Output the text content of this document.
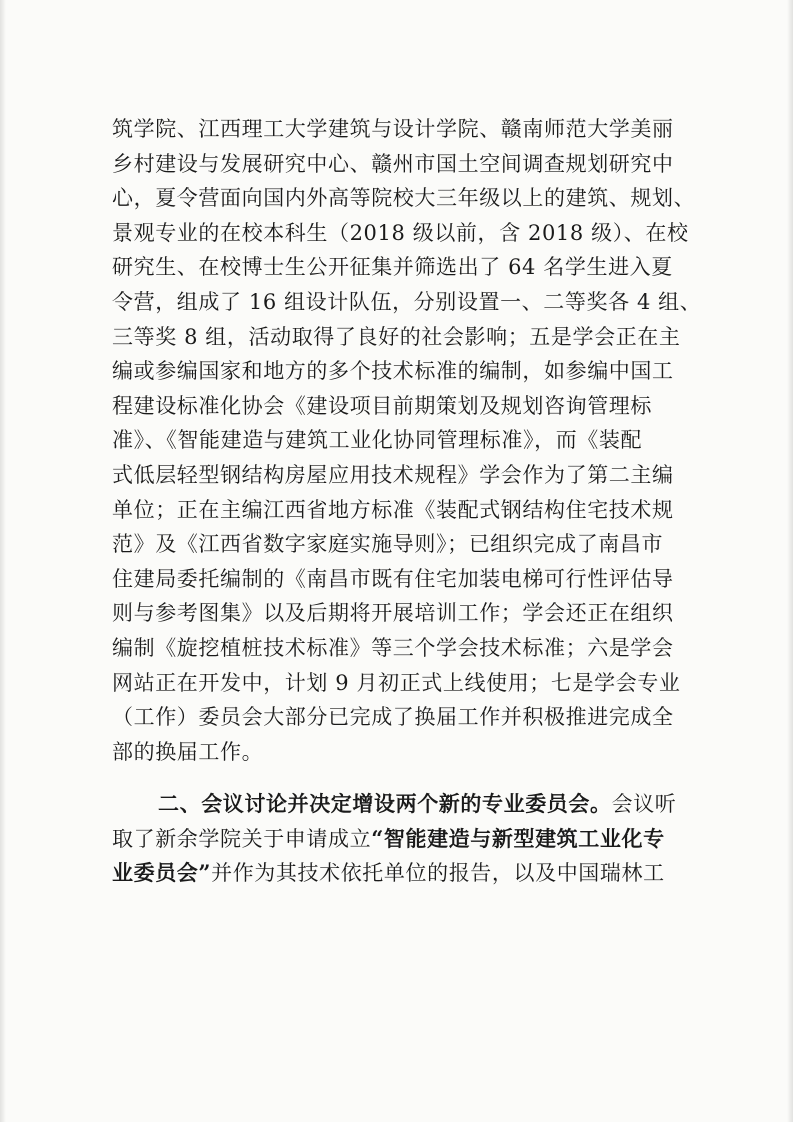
筑学院、江西理工大学建筑与设计学院、赣南师范大学美丽
乡村建设与发展研究中心、赣州市国土空间调查规划研究中
心，夏令营面向国内外高等院校大三年级以上的建筑、规划、
景观专业的在校本科生（2018 级以前，含 2018 级）、在校
研究生、在校博士生公开征集并筛选出了 64 名学生进入夏
令营，组成了 16 组设计队伍，分别设置一、二等奖各 4 组、
三等奖 8 组，活动取得了良好的社会影响；五是学会正在主
编或参编国家和地方的多个技术标准的编制，如参编中国工
程建设标准化协会《建设项目前期策划及规划咨询管理标
准》、《智能建造与建筑工业化协同管理标准》，而《装配
式低层轻型钢结构房屋应用技术规程》学会作为了第二主编
单位；正在主编江西省地方标准《装配式钢结构住宅技术规
范》及《江西省数字家庭实施导则》；已组织完成了南昌市
住建局委托编制的《南昌市既有住宅加装电梯可行性评估导
则与参考图集》以及后期将开展培训工作；学会还正在组织
编制《旋挖植桩技术标准》等三个学会技术标准；六是学会
网站正在开发中，计划 9 月初正式上线使用；七是学会专业
（工作）委员会大部分已完成了换届工作并积极推进完成全
部的换届工作。
二、会议讨论并决定增设两个新的专业委员会。会议听
取了新余学院关于申请成立“智能建造与新型建筑工业化专
业委员会”并作为其技术依托单位的报告，以及中国瑞林工
